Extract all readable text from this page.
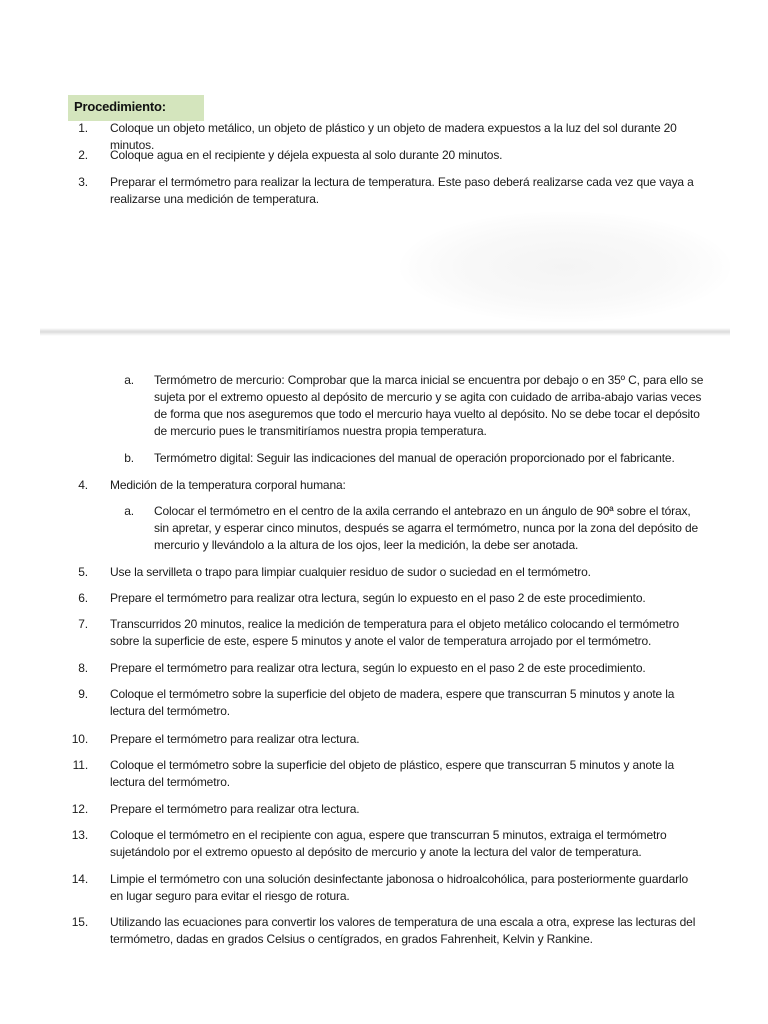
Procedimiento:
1. Coloque un objeto metálico, un objeto de plástico y un objeto de madera expuestos a la luz del sol durante 20 minutos.
2. Coloque agua en el recipiente y déjela expuesta al solo durante 20 minutos.
3. Preparar el termómetro para realizar la lectura de temperatura. Este paso deberá realizarse cada vez que vaya a realizarse una medición de temperatura.
a. Termómetro de mercurio: Comprobar que la marca inicial se encuentra por debajo o en 35º C, para ello se sujeta por el extremo opuesto al depósito de mercurio y se agita con cuidado de arriba-abajo varias veces de forma que nos aseguremos que todo el mercurio haya vuelto al depósito. No se debe tocar el depósito de mercurio pues le transmitiríamos nuestra propia temperatura.
b. Termómetro digital: Seguir las indicaciones del manual de operación proporcionado por el fabricante.
4. Medición de la temperatura corporal humana:
a. Colocar el termómetro en el centro de la axila cerrando el antebrazo en un ángulo de 90ª sobre el tórax, sin apretar, y esperar cinco minutos, después se agarra el termómetro, nunca por la zona del depósito de mercurio y llevándolo a la altura de los ojos, leer la medición, la debe ser anotada.
5. Use la servilleta o trapo para limpiar cualquier residuo de sudor o suciedad en el termómetro.
6. Prepare el termómetro para realizar otra lectura, según lo expuesto en el paso 2 de este procedimiento.
7. Transcurridos 20 minutos, realice la medición de temperatura para el objeto metálico colocando el termómetro sobre la superficie de este, espere 5 minutos y anote el valor de temperatura arrojado por el termómetro.
8. Prepare el termómetro para realizar otra lectura, según lo expuesto en el paso 2 de este procedimiento.
9. Coloque el termómetro sobre la superficie del objeto de madera, espere que transcurran 5 minutos y anote la lectura del termómetro.
10. Prepare el termómetro para realizar otra lectura.
11. Coloque el termómetro sobre la superficie del objeto de plástico, espere que transcurran 5 minutos y anote la lectura del termómetro.
12. Prepare el termómetro para realizar otra lectura.
13. Coloque el termómetro en el recipiente con agua, espere que transcurran 5 minutos, extraiga el termómetro sujetándolo por el extremo opuesto al depósito de mercurio y anote la lectura del valor de temperatura.
14. Limpie el termómetro con una solución desinfectante jabonosa o hidroalcohólica, para posteriormente guardarlo en lugar seguro para evitar el riesgo de rotura.
15. Utilizando las ecuaciones para convertir los valores de temperatura de una escala a otra, exprese las lecturas del termómetro, dadas en grados Celsius o centígrados, en grados Fahrenheit, Kelvin y Rankine.
